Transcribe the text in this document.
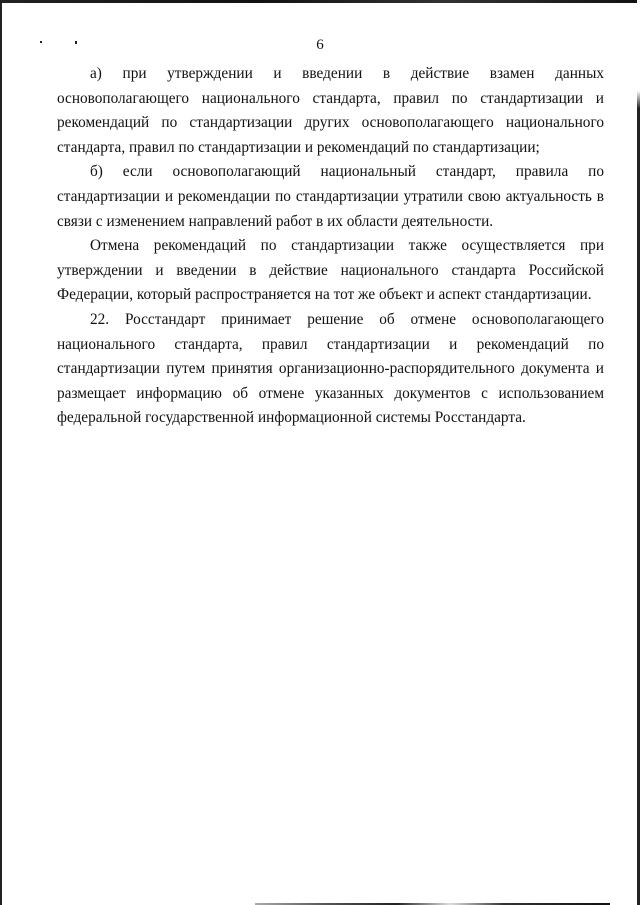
6

а) при утверждении и введении в действие взамен данных основополагающего национального стандарта, правил по стандартизации и рекомендаций по стандартизации других основополагающего национального стандарта, правил по стандартизации и рекомендаций по стандартизации;

б) если основополагающий национальный стандарт, правила по стандартизации и рекомендации по стандартизации утратили свою актуальность в связи с изменением направлений работ в их области деятельности.

Отмена рекомендаций по стандартизации также осуществляется при утверждении и введении в действие национального стандарта Российской Федерации, который распространяется на тот же объект и аспект стандартизации.

22. Росстандарт принимает решение об отмене основополагающего национального стандарта, правил стандартизации и рекомендаций по стандартизации путем принятия организационно-распорядительного документа и размещает информацию об отмене указанных документов с использованием федеральной государственной информационной системы Росстандарта.
